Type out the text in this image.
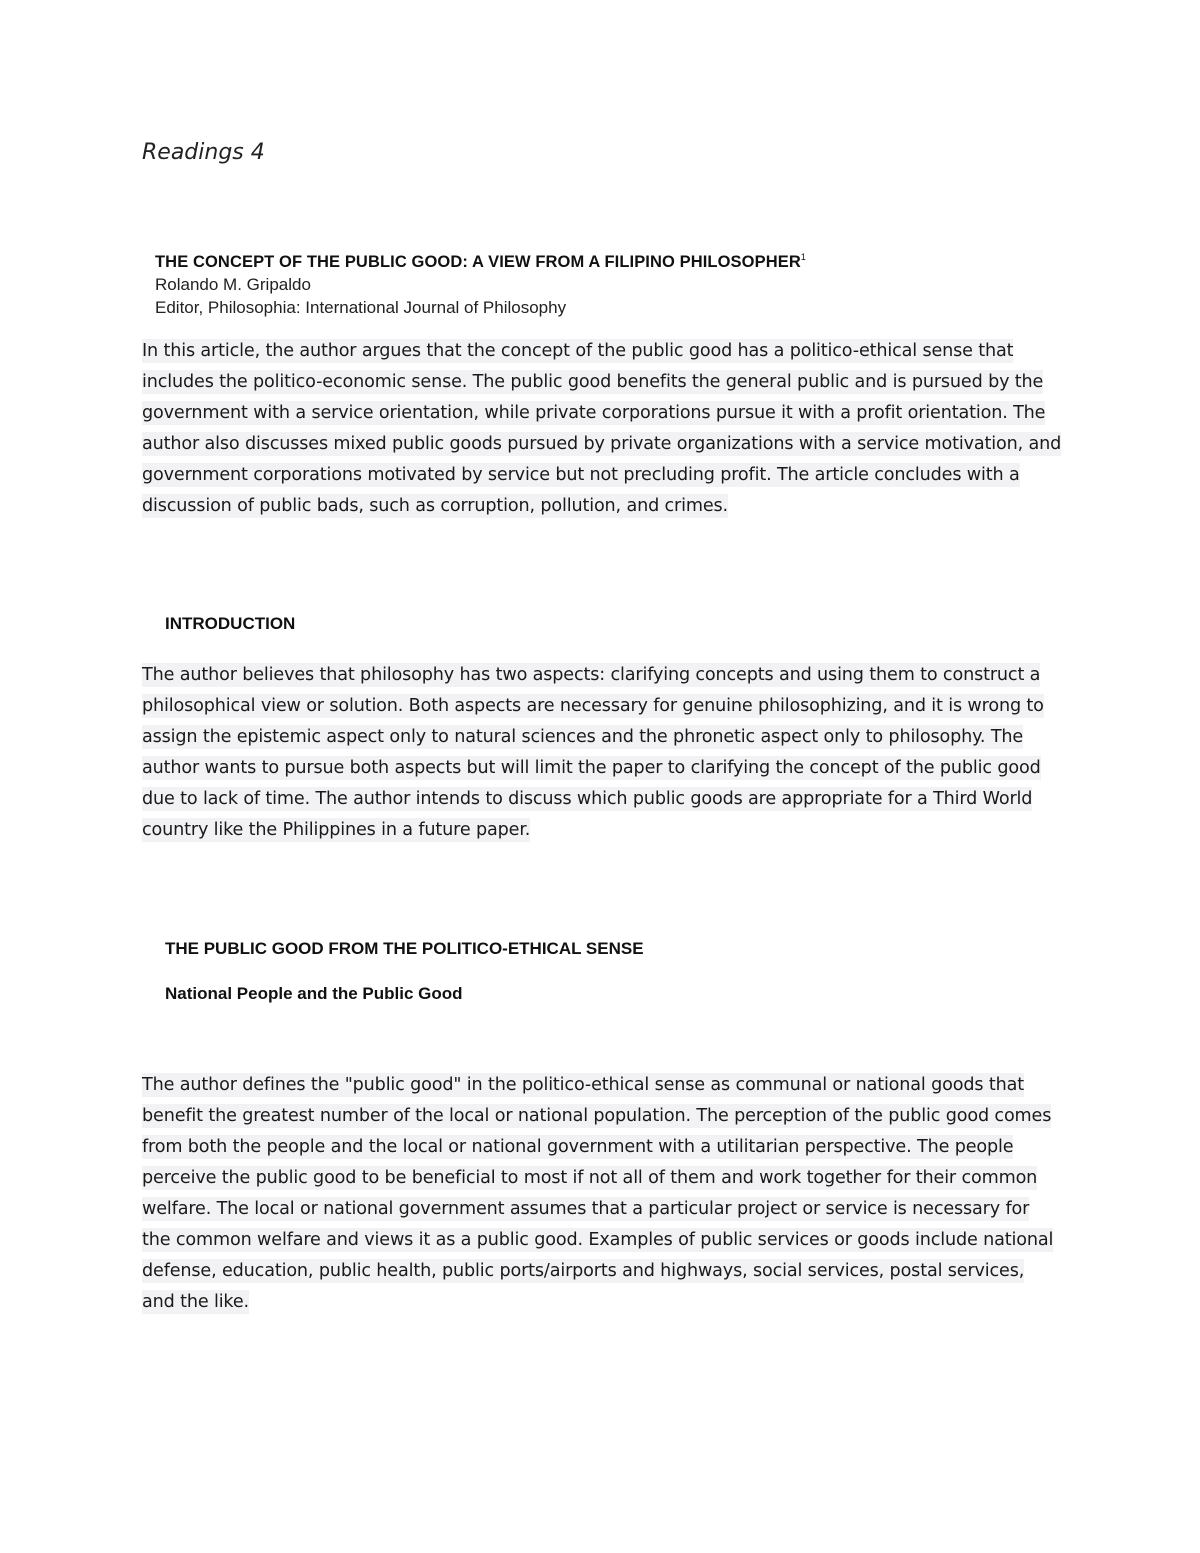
Readings 4

THE CONCEPT OF THE PUBLIC GOOD: A VIEW FROM A FILIPINO PHILOSOPHER$^1$

Rolando M. Gripaldo

Editor, Philosophia: International Journal of Philosophy

In this article, the author argues that the concept of the public good has a politico-ethical sense that includes the politico-economic sense. The public good benefits the general public and is pursued by the government with a service orientation, while private corporations pursue it with a profit orientation. The author also discusses mixed public goods pursued by private organizations with a service motivation, and government corporations motivated by service but not precluding profit. The article concludes with a discussion of public bads, such as corruption, pollution, and crimes.

INTRODUCTION

The author believes that philosophy has two aspects: clarifying concepts and using them to construct a philosophical view or solution. Both aspects are necessary for genuine philosophizing, and it is wrong to assign the epistemic aspect only to natural sciences and the phronetic aspect only to philosophy. The author wants to pursue both aspects but will limit the paper to clarifying the concept of the public good due to lack of time. The author intends to discuss which public goods are appropriate for a Third World country like the Philippines in a future paper.

THE PUBLIC GOOD FROM THE POLITICO-ETHICAL SENSE
National People and the Public Good

The author defines the "public good" in the politico-ethical sense as communal or national goods that benefit the greatest number of the local or national population. The perception of the public good comes from both the people and the local or national government with a utilitarian perspective. The people perceive the public good to be beneficial to most if not all of them and work together for their common welfare. The local or national government assumes that a particular project or service is necessary for the common welfare and views it as a public good. Examples of public services or goods include national defense, education, public health, public ports/airports and highways, social services, postal services, and the like.
